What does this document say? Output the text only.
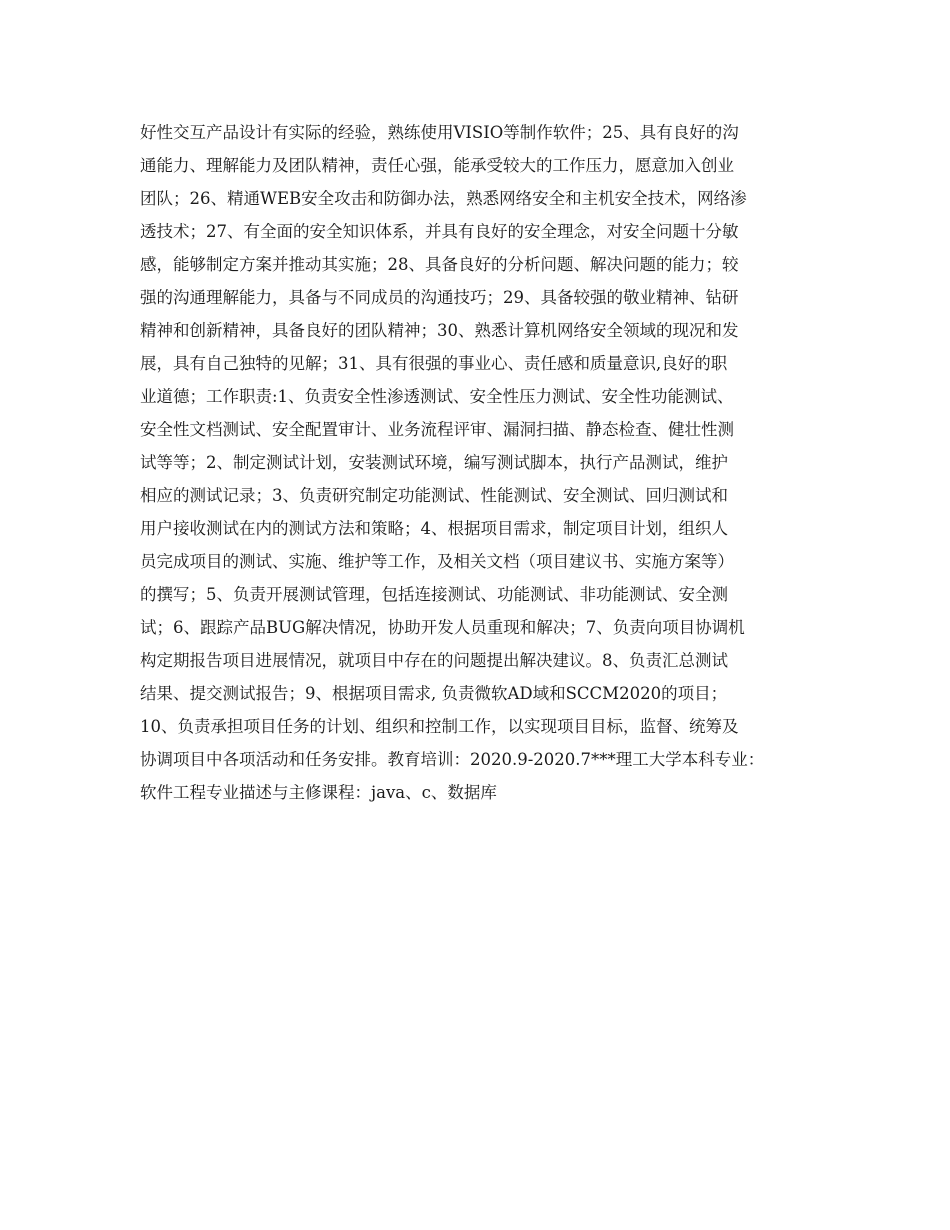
好性交互产品设计有实际的经验，熟练使用VISIO等制作软件；25、具有良好的沟
通能力、理解能力及团队精神，责任心强，能承受较大的工作压力，愿意加入创业
团队；26、精通WEB安全攻击和防御办法，熟悉网络安全和主机安全技术，网络渗
透技术；27、有全面的安全知识体系，并具有良好的安全理念，对安全问题十分敏
感，能够制定方案并推动其实施；28、具备良好的分析问题、解决问题的能力；较
强的沟通理解能力，具备与不同成员的沟通技巧；29、具备较强的敬业精神、钻研
精神和创新精神，具备良好的团队精神；30、熟悉计算机网络安全领域的现况和发
展，具有自己独特的见解；31、具有很强的事业心、责任感和质量意识,良好的职
业道德；工作职责:1、负责安全性渗透测试、安全性压力测试、安全性功能测试、
安全性文档测试、安全配置审计、业务流程评审、漏洞扫描、静态检查、健壮性测
试等等；2、制定测试计划，安装测试环境，编写测试脚本，执行产品测试，维护
相应的测试记录；3、负责研究制定功能测试、性能测试、安全测试、回归测试和
用户接收测试在内的测试方法和策略；4、根据项目需求，制定项目计划，组织人
员完成项目的测试、实施、维护等工作，及相关文档（项目建议书、实施方案等）
的撰写；5、负责开展测试管理，包括连接测试、功能测试、非功能测试、安全测
试；6、跟踪产品BUG解决情况，协助开发人员重现和解决；7、负责向项目协调机
构定期报告项目进展情况，就项目中存在的问题提出解决建议。8、负责汇总测试
结果、提交测试报告；9、根据项目需求, 负责微软AD域和SCCM2020的项目；
10、负责承担项目任务的计划、组织和控制工作，以实现项目目标，监督、统筹及
协调项目中各项活动和任务安排。教育培训：2020.9-2020.7***理工大学本科专业：
软件工程专业描述与主修课程：java、c、数据库
